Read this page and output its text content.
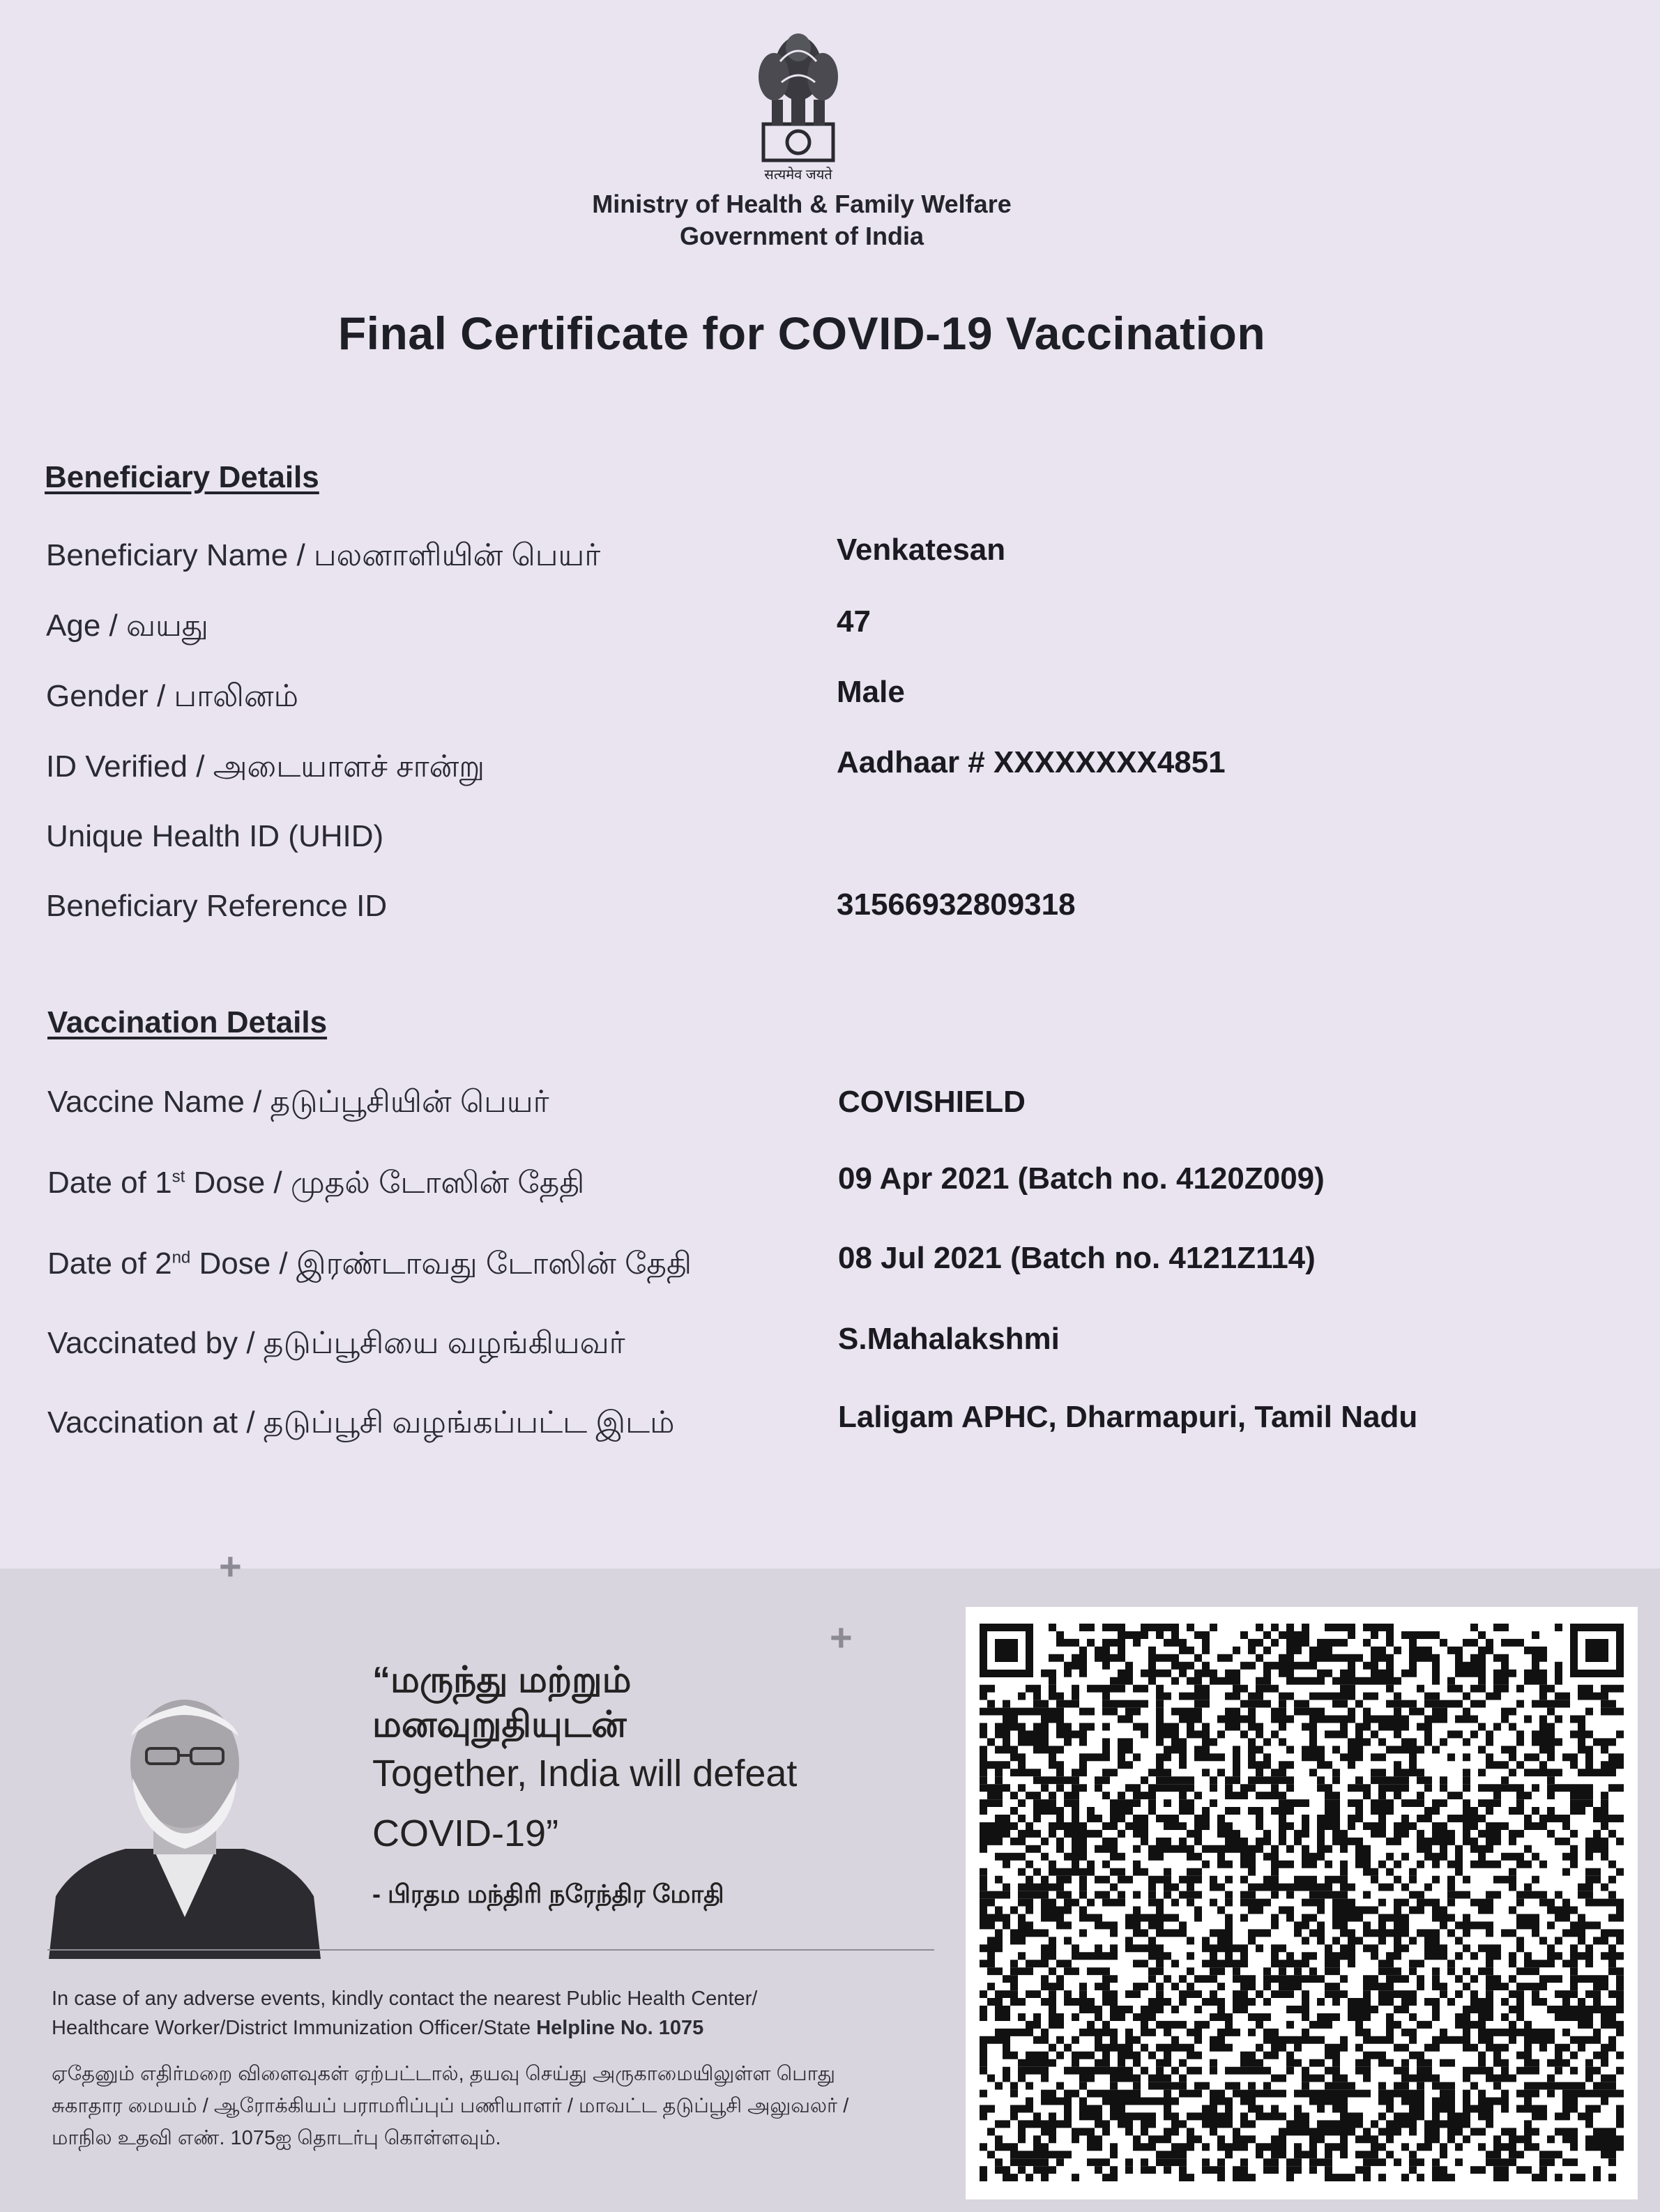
सत्यमेव जयते
Ministry of Health & Family Welfare
Government of India
Final Certificate for COVID-19 Vaccination
Beneficiary Details
Beneficiary Name / பலனாளியின் பெயர்	Venkatesan
Age / வயது	47
Gender / பாலினம்	Male
ID Verified / அடையாளச் சான்று	Aadhaar # XXXXXXXX4851
Unique Health ID (UHID)
Beneficiary Reference ID	31566932809318
Vaccination Details
Vaccine Name / தடுப்பூசியின் பெயர்	COVISHIELD
Date of 1st Dose / முதல் டோஸின் தேதி	09 Apr 2021 (Batch no. 4120Z009)
Date of 2nd Dose / இரண்டாவது டோஸின் தேதி	08 Jul 2021 (Batch no. 4121Z114)
Vaccinated by / தடுப்பூசியை வழங்கியவர்	S.Mahalakshmi
Vaccination at / தடுப்பூசி வழங்கப்பட்ட இடம்	Laligam APHC, Dharmapuri, Tamil Nadu
+
+
“மருந்து மற்றும்
மனவுறுதியுடன்
Together, India will defeat
COVID-19”
- பிரதம மந்திரி நரேந்திர மோதி
In case of any adverse events, kindly contact the nearest Public Health Center/
Healthcare Worker/District Immunization Officer/State Helpline No. 1075
ஏதேனும் எதிர்மறை விளைவுகள் ஏற்பட்டால், தயவு செய்து அருகாமையிலுள்ள பொது
சுகாதார மையம் / ஆரோக்கியப் பராமரிப்புப் பணியாளர் / மாவட்ட தடுப்பூசி அலுவலர் /
மாநில உதவி எண். 1075ஐ தொடர்பு கொள்ளவும்.
